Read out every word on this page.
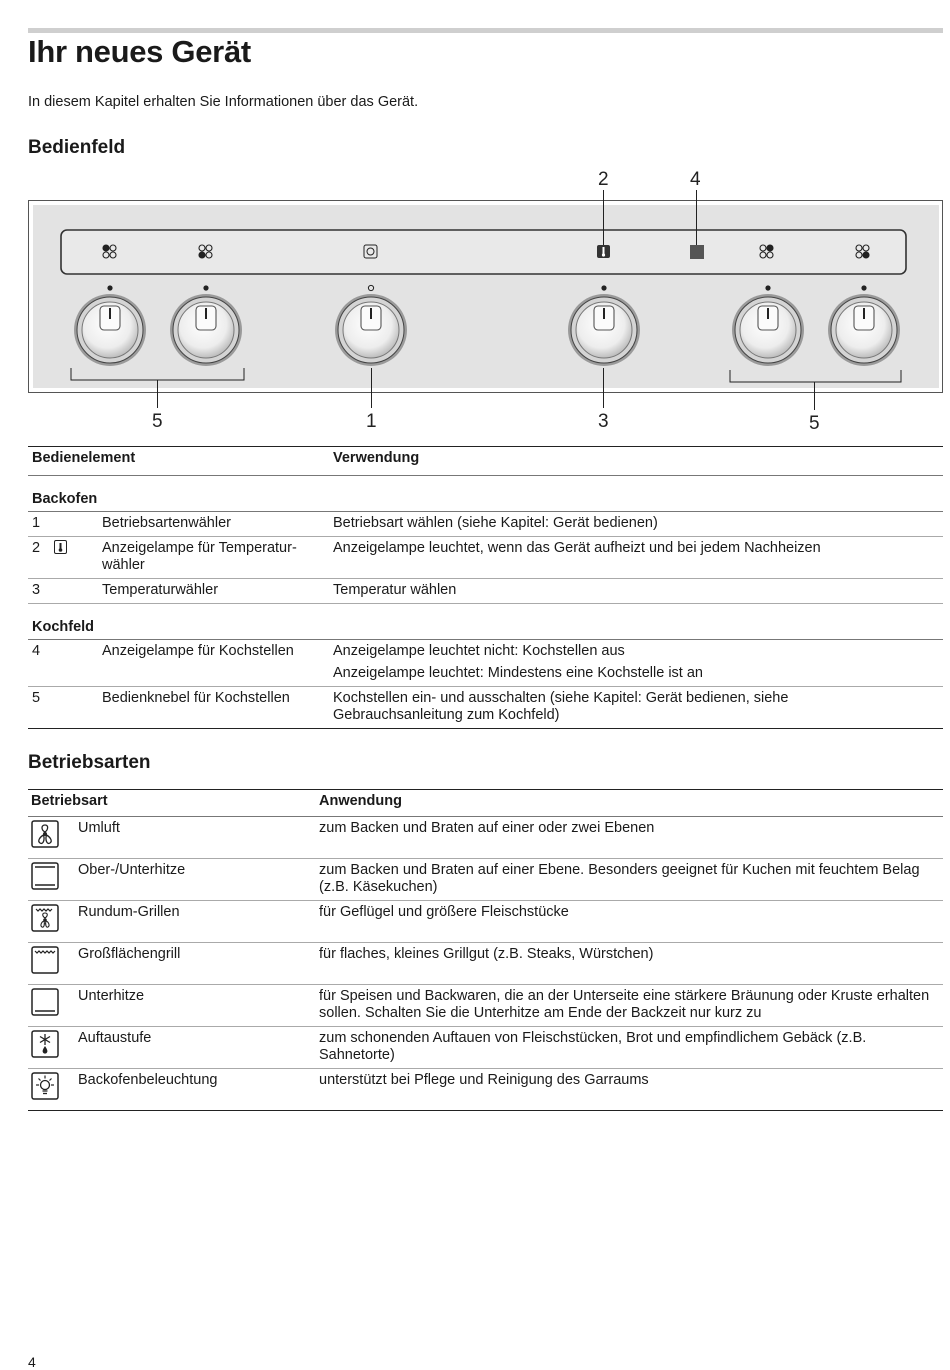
Ihr neues Gerät

In diesem Kapitel erhalten Sie Informationen über das Gerät.

Bedienfeld
2	4
5	1	3	5
Bedienelement		Verwendung
Backofen		
1	Betriebsartenwähler	Betriebsart wählen (siehe Kapitel: Gerät bedienen)
2	Anzeigelampe für Temperatur-wähler	Anzeigelampe leuchtet, wenn das Gerät aufheizt und bei jedem Nachheizen
3	Temperaturwähler	Temperatur wählen
Kochfeld		
4	Anzeigelampe für Kochstellen	Anzeigelampe leuchtet nicht: Kochstellen aus
		Anzeigelampe leuchtet: Mindestens eine Kochstelle ist an
5	Bedienknebel für Kochstellen	Kochstellen ein- und ausschalten (siehe Kapitel: Gerät bedienen, siehe Gebrauchsanleitung zum Kochfeld)
Betriebsarten
Betriebsart		Anwendung
	Umluft	zum Backen und Braten auf einer oder zwei Ebenen
	Ober-/Unterhitze	zum Backen und Braten auf einer Ebene. Besonders geeignet für Kuchen mit feuchtem Belag (z.B. Käsekuchen)
	Rundum-Grillen	für Geflügel und größere Fleischstücke
	Großflächengrill	für flaches, kleines Grillgut (z.B. Steaks, Würstchen)
	Unterhitze	für Speisen und Backwaren, die an der Unterseite eine stärkere Bräunung oder Kruste erhalten sollen. Schalten Sie die Unterhitze am Ende der Backzeit nur kurz zu
	Auftaustufe	zum schonenden Auftauen von Fleischstücken, Brot und empfindlichem Gebäck (z.B. Sahnetorte)
	Backofenbeleuchtung	unterstützt bei Pflege und Reinigung des Garraums

4
